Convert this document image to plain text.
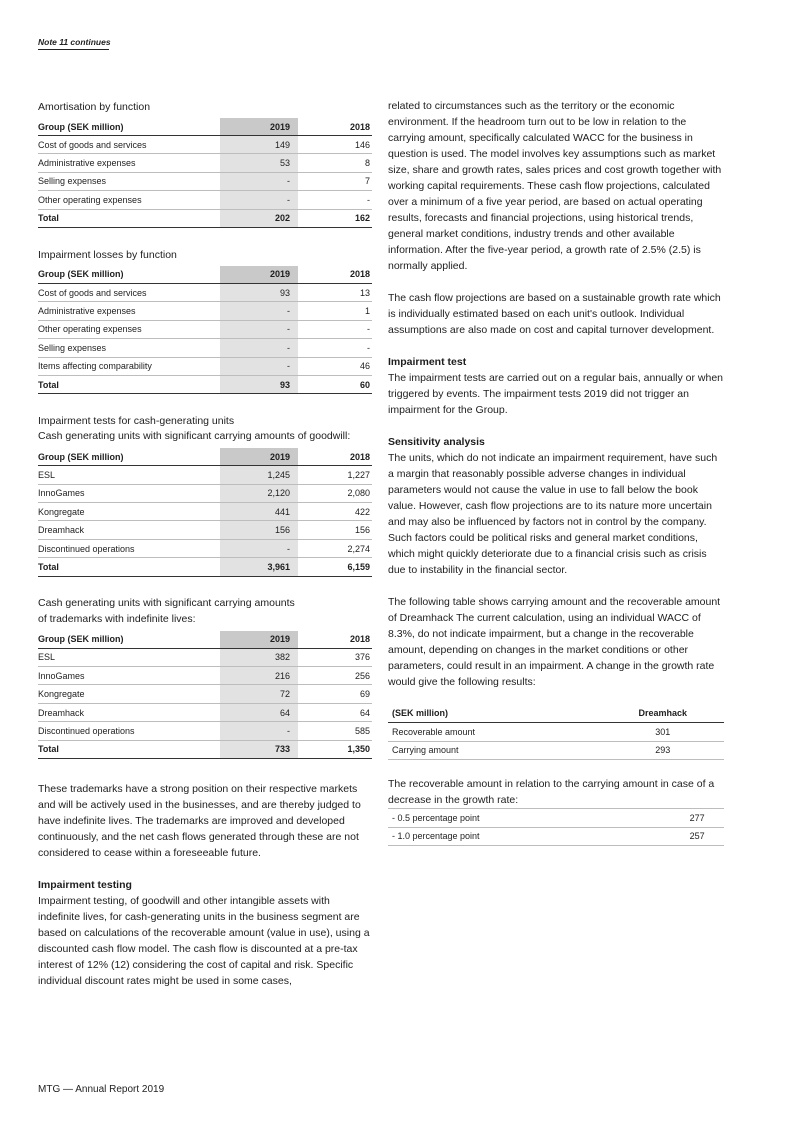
Note 11 continues
Amortisation by function
Group (SEK million)	2019	2018
Cost of goods and services	149	146
Administrative expenses	53	8
Selling expenses	-	7
Other operating expenses	-	-
Total	202	162
Impairment losses by function
Group (SEK million)	2019	2018
Cost of goods and services	93	13
Administrative expenses	-	1
Other operating expenses	-	-
Selling expenses	-	-
Items affecting comparability	-	46
Total	93	60
Impairment tests for cash-generating units
Cash generating units with significant carrying amounts of goodwill:
Group (SEK million)	2019	2018
ESL	1,245	1,227
InnoGames	2,120	2,080
Kongregate	441	422
Dreamhack	156	156
Discontinued operations	-	2,274
Total	3,961	6,159
Cash generating units with significant carrying amounts
of trademarks with indefinite lives:
Group (SEK million)	2019	2018
ESL	382	376
InnoGames	216	256
Kongregate	72	69
Dreamhack	64	64
Discontinued operations	-	585
Total	733	1,350

These trademarks have a strong position on their respective markets and will be actively used in the businesses, and are thereby judged to have indefinite lives. The trademarks are improved and developed continuously, and the net cash flows generated through these are not considered to cease within a foreseeable future.

Impairment testing

Impairment testing, of goodwill and other intangible assets with indefinite lives, for cash-generating units in the business segment are based on calculations of the recoverable amount (value in use), using a discounted cash flow model. The cash flow is discounted at a pre-tax interest of 12% (12) considering the cost of capital and risk. Specific individual discount rates might be used in some cases,

related to circumstances such as the territory or the economic environment. If the headroom turn out to be low in relation to the carrying amount, specifically calculated WACC for the business in question is used. The model involves key assumptions such as market size, share and growth rates, sales prices and cost growth together with working capital requirements. These cash flow projections, calculated over a minimum of a five year period, are based on actual operating results, forecasts and financial projections, using historical trends, general market conditions, industry trends and other available information. After the five-year period, a growth rate of 2.5% (2.5) is normally applied.

The cash flow projections are based on a sustainable growth rate which is individually estimated based on each unit's outlook. Individual assumptions are also made on cost and capital turnover development.

Impairment test

The impairment tests are carried out on a regular bais, annually or when triggered by events. The impairment tests 2019 did not trigger an impairment for the Group.

Sensitivity analysis

The units, which do not indicate an impairment requirement, have such a margin that reasonably possible adverse changes in individual parameters would not cause the value in use to fall below the book value. However, cash flow projections are to its nature more uncertain and may also be influenced by factors not in control by the company. Such factors could be political risks and general market conditions, which might quickly deteriorate due to a financial crisis such as crisis due to instability in the financial sector.

The following table shows carrying amount and the recoverable amount of Dreamhack The current calculation, using an individual WACC of 8.3%, do not indicate impairment, but a change in the recoverable amount, depending on changes in the market conditions or other parameters, could result in an impairment. A change in the growth rate would give the following results:

(SEK million)	Dreamhack
Recoverable amount	301
Carrying amount	293

The recoverable amount in relation to the carrying amount in case of a decrease in the growth rate:

- 0.5 percentage point	277
- 1.0 percentage point	257
MTG — Annual Report 2019
